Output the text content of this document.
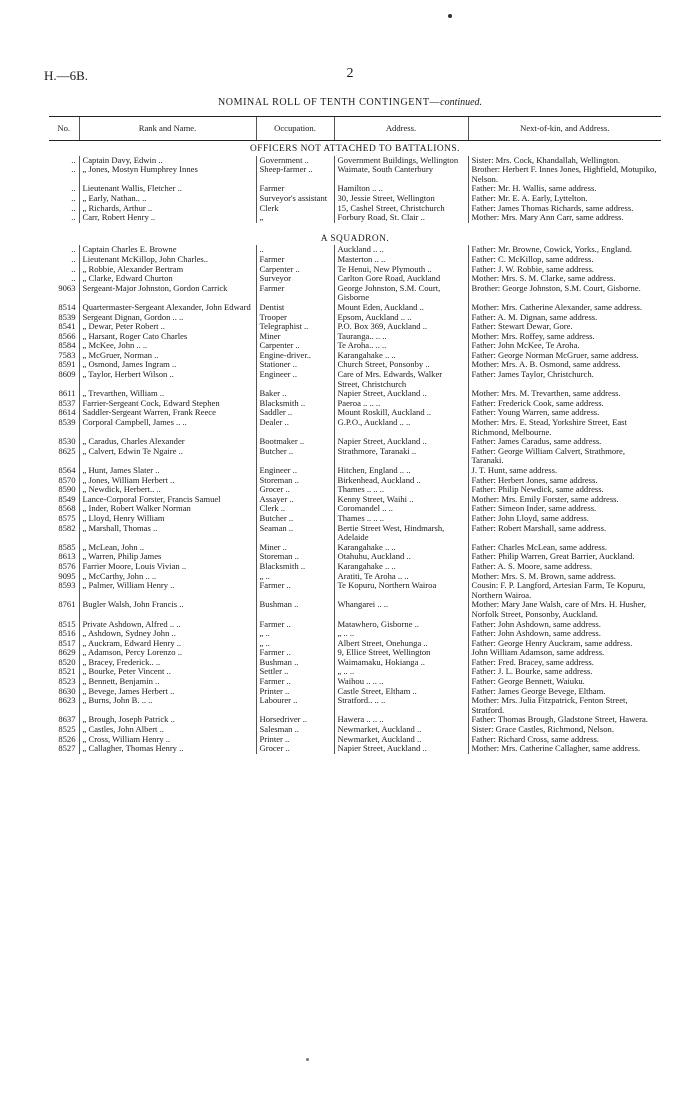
H.—6B.	2
NOMINAL ROLL OF TENTH CONTINGENT—continued.
No.	Rank and Name.	Occupation.	Address.	Next-of-kin, and Address.
OFFICERS NOT ATTACHED TO BATTALIONS.				
..	Captain Davy, Edwin ..	Government ..	Government Buildings, Wellington	Sister: Mrs. Cock, Khandallah, Wellington.
..	„ Jones, Mostyn Humphrey Innes	Sheep-farmer ..	Waimate, South Canterbury	Brother: Herbert F. Innes Jones, Highfield, Motupiko, Nelson.
..	Lieutenant Wallis, Fletcher ..	Farmer	Hamilton .. ..	Father: Mr. H. Wallis, same address.
..	„ Early, Nathan.. ..	Surveyor's assistant	30, Jessie Street, Wellington	Father: Mr. E. A. Early, Lyttelton.
..	„ Richards, Arthur ..	Clerk	15, Cashel Street, Christchurch	Father: James Thomas Richards, same address.
..	Carr, Robert Henry ..	„	Forbury Road, St. Clair ..	Mother: Mrs. Mary Ann Carr, same address.

A SQUADRON.				
..	Captain Charles E. Browne	..	Auckland .. ..	Father: Mr. Browne, Cowick, Yorks., England.
..	Lieutenant McKillop, John Charles..	Farmer	Masterton .. ..	Father: C. McKillop, same address.
..	„ Robbie, Alexander Bertram	Carpenter ..	Te Henui, New Plymouth ..	Father: J. W. Robbie, same address.
..	„ Clarke, Edward Churton	Surveyor	Carlton Gore Road, Auckland	Mother: Mrs. S. M. Clarke, same address.
9063	Sergeant-Major Johnston, Gordon Carrick	Farmer	George Johnston, S.M. Court, Gisborne	Brother: George Johnston, S.M. Court, Gisborne.
8514	Quartermaster-Sergeant Alexander, John Edward	Dentist	Mount Eden, Auckland ..	Mother: Mrs. Catherine Alexander, same address.
8539	Sergeant Dignan, Gordon .. ..	Trooper	Epsom, Auckland .. ..	Father: A. M. Dignan, same address.
8541	„ Dewar, Peter Robert ..	Telegraphist ..	P.O. Box 369, Auckland ..	Father: Stewart Dewar, Gore.
8566	„ Harsant, Roger Cato Charles	Miner	Tauranga.. .. ..	Mother: Mrs. Roffey, same address.
8584	„ McKee, John .. ..	Carpenter ..	Te Aroha.. .. ..	Father: John McKee, Te Aroha.
7583	„ McGruer, Norman ..	Engine-driver..	Karangahake .. ..	Father: George Norman McGruer, same address.
8591	„ Osmond, James Ingram ..	Stationer ..	Church Street, Ponsonby ..	Mother: Mrs. A. B. Osmond, same address.
8609	„ Taylor, Herbert Wilson ..	Engineer ..	Care of Mrs. Edwards, Walker Street, Christchurch	Father: James Taylor, Christchurch.
8611	„ Trevarthen, William ..	Baker ..	Napier Street, Auckland ..	Mother: Mrs. M. Trevarthen, same address.
8537	Farrier-Sergeant Cock, Edward Stephen	Blacksmith ..	Paeroa .. .. ..	Father: Frederick Cook, same address.
8614	Saddler-Sergeant Warren, Frank Reece	Saddler ..	Mount Roskill, Auckland ..	Father: Young Warren, same address.
8539	Corporal Campbell, James .. ..	Dealer ..	G.P.O., Auckland .. ..	Mother: Mrs. E. Stead, Yorkshire Street, East Richmond, Melbourne.
8530	„ Caradus, Charles Alexander	Bootmaker ..	Napier Street, Auckland ..	Father: James Caradus, same address.
8625	„ Calvert, Edwin Te Ngaire ..	Butcher ..	Strathmore, Taranaki ..	Father: George William Calvert, Strathmore, Taranaki.
8564	„ Hunt, James Slater ..	Engineer ..	Hitchen, England .. ..	J. T. Hunt, same address.
8570	„ Jones, William Herbert ..	Storeman ..	Birkenhead, Auckland ..	Father: Herbert Jones, same address.
8590	„ Newdick, Herbert.. ..	Grocer ..	Thames .. .. ..	Father: Philip Newdick, same address.
8549	Lance-Corporal Forster, Francis Samuel	Assayer ..	Kenny Street, Waihi ..	Mother: Mrs. Emily Forster, same address.
8568	„ Inder, Robert Walker Norman	Clerk ..	Coromandel .. ..	Father: Simeon Inder, same address.
8575	„ Lloyd, Henry William	Butcher ..	Thames .. .. ..	Father: John Lloyd, same address.
8582	„ Marshall, Thomas ..	Seaman ..	Bertie Street West, Hindmarsh, Adelaide	Father: Robert Marshall, same address.
8585	„ McLean, John ..	Miner ..	Karangahake .. ..	Father: Charles McLean, same address.
8613	„ Warren, Philip James	Storeman ..	Otahuhu, Auckland ..	Father: Philip Warren, Great Barrier, Auckland.
8576	Farrier Moore, Louis Vivian ..	Blacksmith ..	Karangahake .. ..	Father: A. S. Moore, same address.
9095	„ McCarthy, John .. ..	„ ..	Aratiti, Te Aroha .. ..	Mother: Mrs. S. M. Brown, same address.
8593	„ Palmer, William Henry ..	Farmer ..	Te Kopuru, Northern Wairoa	Cousin: F. P. Langford, Artesian Farm, Te Kopuru, Northern Wairoa.
8761	Bugler Walsh, John Francis ..	Bushman ..	Whangarei .. ..	Mother: Mary Jane Walsh, care of Mrs. H. Husher, Norfolk Street, Ponsonby, Auckland.
8515	Private Ashdown, Alfred .. ..	Farmer ..	Matawhero, Gisborne ..	Father: John Ashdown, same address.
8516	„ Ashdown, Sydney John ..	„ ..	„ .. ..	Father: John Ashdown, same address.
8517	„ Auckram, Edward Henry ..	„ ..	Albert Street, Onehunga ..	Father: George Henry Auckram, same address.
8629	„ Adamson, Percy Lorenzo ..	Farmer ..	9, Ellice Street, Wellington	John William Adamson, same address.
8520	„ Bracey, Frederick.. ..	Bushman ..	Waimamaku, Hokianga ..	Father: Fred. Bracey, same address.
8521	„ Bourke, Peter Vincent ..	Settler ..	„ .. ..	Father: J. L. Bourke, same address.
8523	„ Bennett, Benjamin ..	Farmer ..	Waihou .. .. ..	Father: George Bennett, Waiuku.
8630	„ Bevege, James Herbert ..	Printer ..	Castle Street, Eltham ..	Father: James George Bevege, Eltham.
8623	„ Burns, John B. .. ..	Labourer ..	Stratford.. .. ..	Mother: Mrs. Julia Fitzpatrick, Fenton Street, Stratford.
8637	„ Brough, Joseph Patrick ..	Horsedriver ..	Hawera .. .. ..	Father: Thomas Brough, Gladstone Street, Hawera.
8525	„ Castles, John Albert ..	Salesman ..	Newmarket, Auckland ..	Sister: Grace Castles, Richmond, Nelson.
8526	„ Cross, William Henry ..	Printer ..	Newmarket, Auckland ..	Father: Richard Cross, same address.
8527	„ Callagher, Thomas Henry ..	Grocer ..	Napier Street, Auckland ..	Mother: Mrs. Catherine Callagher, same address.
